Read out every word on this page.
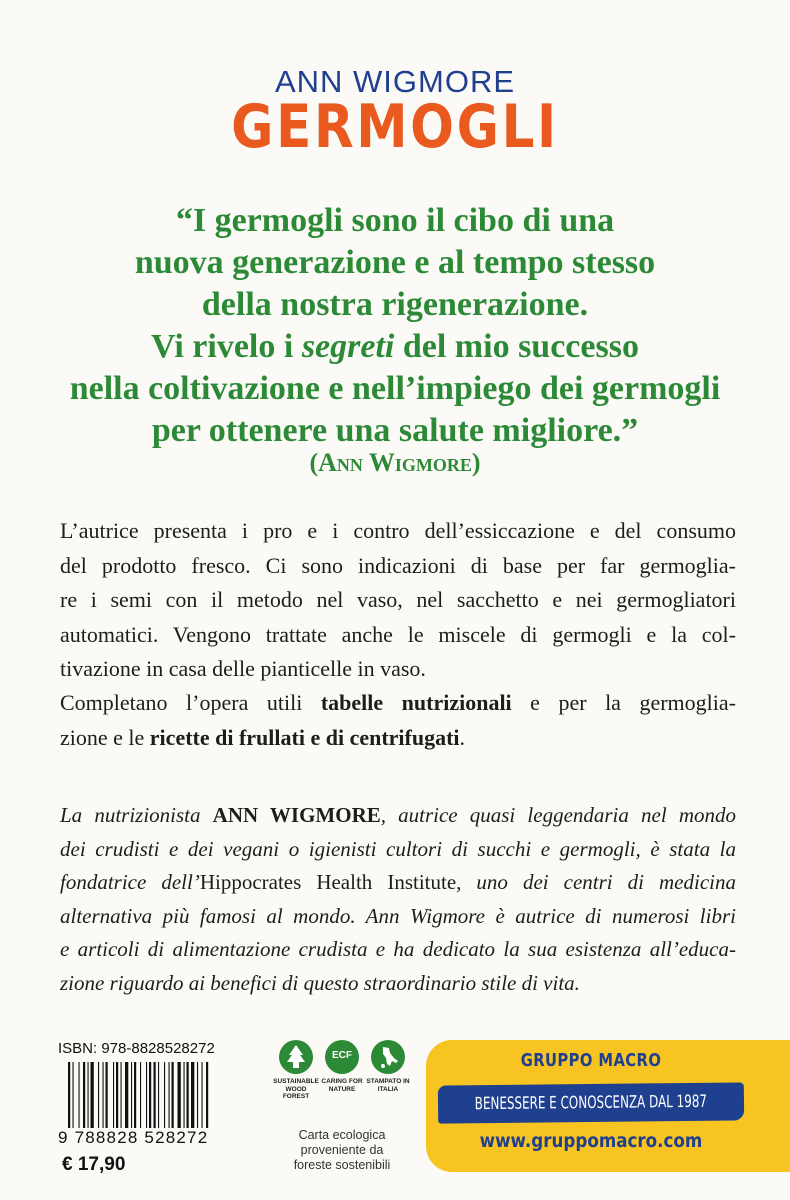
ANN WIGMORE
GERMOGLI
“I germogli sono il cibo di una
nuova generazione e al tempo stesso
della nostra rigenerazione.
Vi rivelo i segreti del mio successo
nella coltivazione e nell’impiego dei germogli
per ottenere una salute migliore.”
(Ann Wigmore)
L’autrice presenta i pro e i contro dell’essiccazione e del consumo
del prodotto fresco. Ci sono indicazioni di base per far germoglia-
re i semi con il metodo nel vaso, nel sacchetto e nei germogliatori
automatici. Vengono trattate anche le miscele di germogli e la col-
tivazione in casa delle pianticelle in vaso.
Completano l’opera utili tabelle nutrizionali e per la germoglia-
zione e le ricette di frullati e di centrifugati.
La nutrizionista ANN WIGMORE, autrice quasi leggendaria nel mondo
dei crudisti e dei vegani o igienisti cultori di succhi e germogli, è stata la
fondatrice dell’Hippocrates Health Institute, uno dei centri di medicina
alternativa più famosi al mondo. Ann Wigmore è autrice di numerosi libri
e articoli di alimentazione crudista e ha dedicato la sua esistenza all’educa-
zione riguardo ai benefici di questo straordinario stile di vita.
ISBN: 978-8828528272
9 788828 528272
€ 17,90
SUSTAINABLE WOOD FOREST
ECF
CARING FOR NATURE
STAMPATO IN ITALIA
Carta ecologica
proveniente da
foreste sostenibili
GRUPPO MACRO
BENESSERE E CONOSCENZA DAL 1987
www.gruppomacro.com
